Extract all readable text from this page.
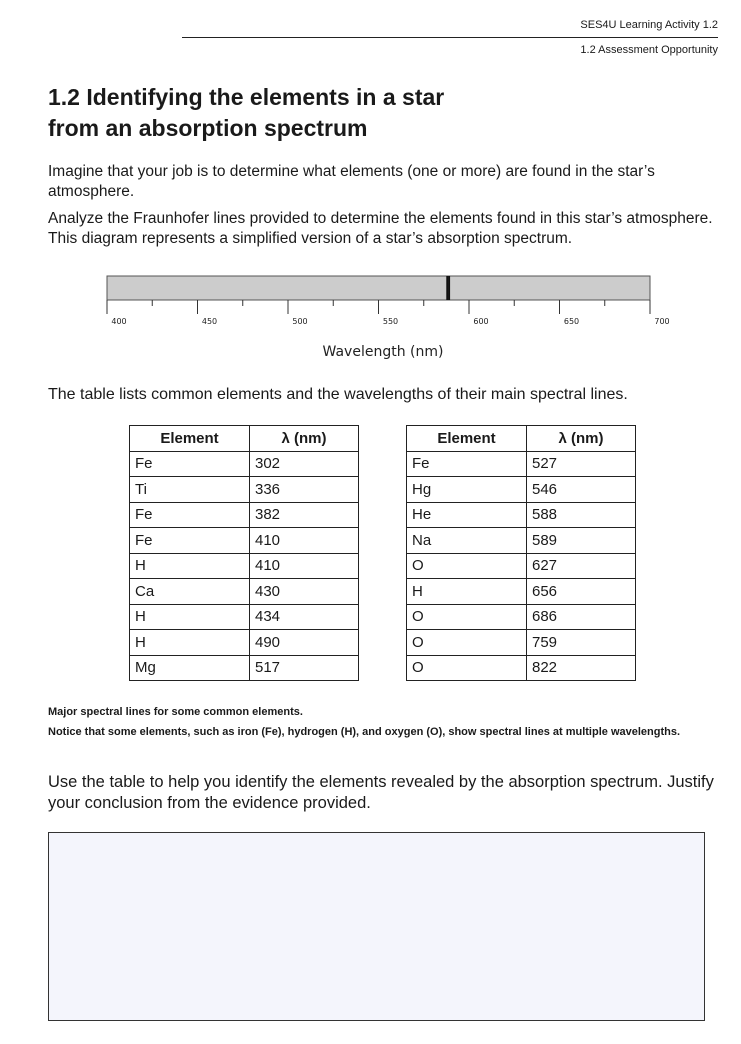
SES4U Learning Activity 1.2
1.2 Assessment Opportunity
1.2 Identifying the elements in a star
from an absorption spectrum

Imagine that your job is to determine what elements (one or more) are found in the star’s atmosphere.

Analyze the Fraunhofer lines provided to determine the elements found in this star’s atmosphere. This diagram represents a simplified version of a star’s absorption spectrum.

400	450	500	550	600	650	700
Wavelength (nm)

The table lists common elements and the wavelengths of their main spectral lines.

Element	λ (nm)
Fe	302
Ti	336
Fe	382
Fe	410
H	410
Ca	430
H	434
H	490
Mg	517
Element	λ (nm)
Fe	527
Hg	546
He	588
Na	589
O	627
H	656
O	686
O	759
O	822
Major spectral lines for some common elements.
Notice that some elements, such as iron (Fe), hydrogen (H), and oxygen (O), show spectral lines at multiple wavelengths.

Use the table to help you identify the elements revealed by the absorption spectrum. Justify your conclusion from the evidence provided.
